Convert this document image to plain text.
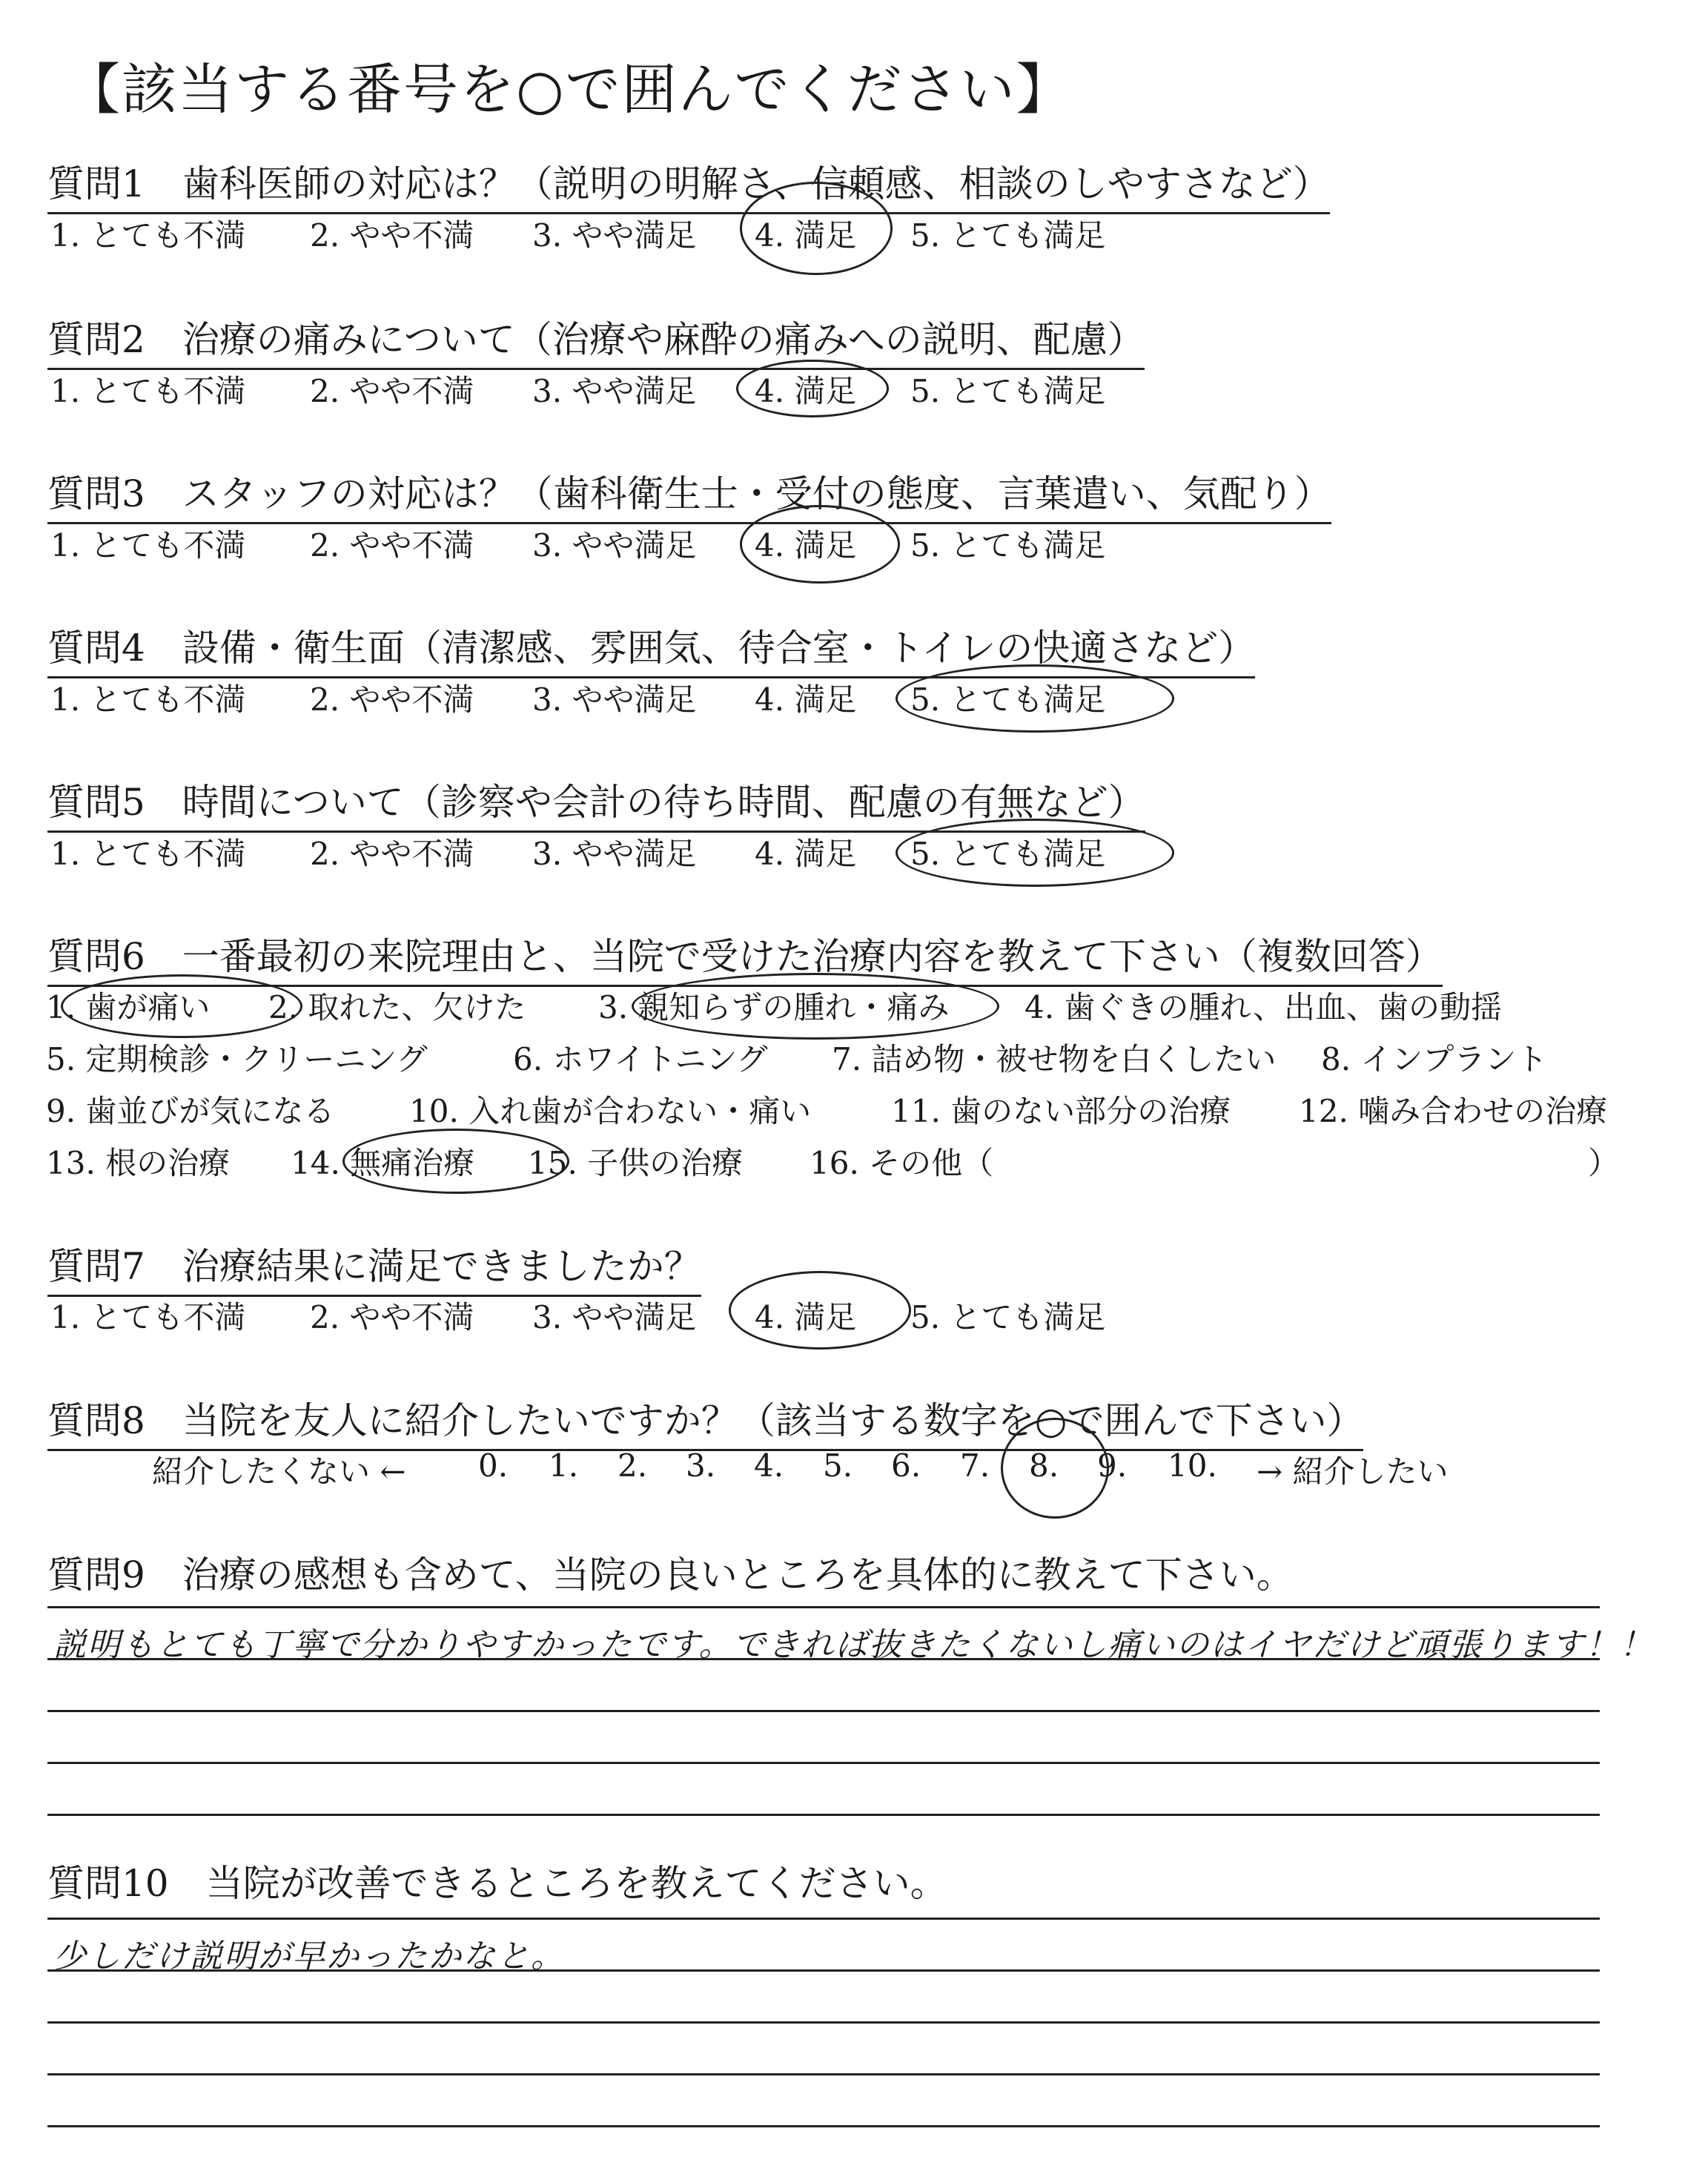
【該当する番号を○で囲んでください】
質問1　歯科医師の対応は？（説明の明解さ、信頼感、相談のしやすさなど）
1. とても不満 2. やや不満 3. やや満足 4. 満足 5. とても満足
質問2　治療の痛みについて（治療や麻酔の痛みへの説明、配慮）
1. とても不満 2. やや不満 3. やや満足 4. 満足 5. とても満足
質問3　スタッフの対応は？（歯科衛生士・受付の態度、言葉遣い、気配り）
1. とても不満 2. やや不満 3. やや満足 4. 満足 5. とても満足
質問4　設備・衛生面（清潔感、雰囲気、待合室・トイレの快適さなど）
1. とても不満 2. やや不満 3. やや満足 4. 満足 5. とても満足
質問5　時間について（診察や会計の待ち時間、配慮の有無など）
1. とても不満 2. やや不満 3. やや満足 4. 満足 5. とても満足
質問6　一番最初の来院理由と、当院で受けた治療内容を教えて下さい（複数回答）
1. 歯が痛い 2. 取れた、欠けた 3. 親知らずの腫れ・痛み 4. 歯ぐきの腫れ、出血、歯の動揺
5. 定期検診・クリーニング	6. ホワイトニング 7. 詰め物・被せ物を白くしたい 8. インプラント
9. 歯並びが気になる 10. 入れ歯が合わない・痛い	11. 歯のない部分の治療 12. 噛み合わせの治療
13. 根の治療 14. 無痛治療 15. 子供の治療 16. その他（	）
質問7　治療結果に満足できましたか？
1. とても不満 2. やや不満 3. やや満足 4. 満足 5. とても満足
質問8　当院を友人に紹介したいですか？（該当する数字を○で囲んで下さい）
紹介したくない ← 0. 1. 2. 3. 4. 5. 6. 7. 8. 9. 10. → 紹介したい
質問9　治療の感想も含めて、当院の良いところを具体的に教えて下さい。
説明もとても丁寧で分かりやすかったです。できれば抜きたくないし痛いのはイヤだけど頑張ります！！
質問10　当院が改善できるところを教えてください。
少しだけ説明が早かったかなと。
